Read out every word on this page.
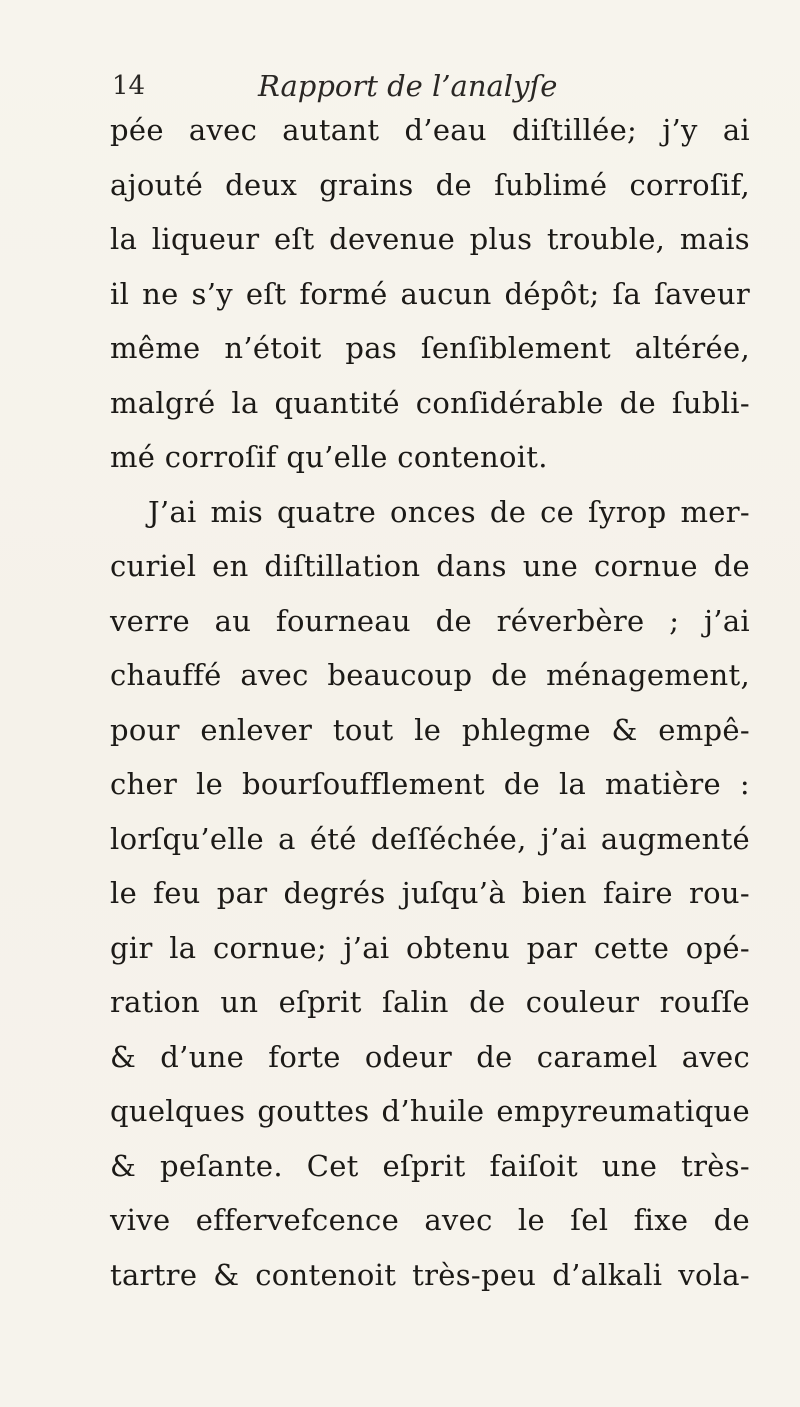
14	Rapport de l’analyſe
pée avec autant d’eau diſtillée; j’y ai
ajouté deux grains de ſublimé corroſif,
la liqueur eſt devenue plus trouble, mais
il ne s’y eſt formé aucun dépôt; ſa ſaveur
même n’étoit pas ſenſiblement altérée,
malgré la quantité conſidérable de ſubli-
mé corroſif qu’elle contenoit.
J’ai mis quatre onces de ce ſyrop mer-
curiel en diſtillation dans une cornue de
verre au fourneau de réverbère ; j’ai
chauffé avec beaucoup de ménagement,
pour enlever tout le phlegme & empê-
cher le bourſoufflement de la matière :
lorſqu’elle a été deſſéchée, j’ai augmenté
le feu par degrés juſqu’à bien faire rou-
gir la cornue; j’ai obtenu par cette opé-
ration un eſprit ſalin de couleur rouſſe
& d’une forte odeur de caramel avec
quelques gouttes d’huile empyreumatique
& peſante. Cet eſprit faiſoit une très-
vive effervefcence avec le ſel fixe de
tartre & contenoit très-peu d’alkali vola-
